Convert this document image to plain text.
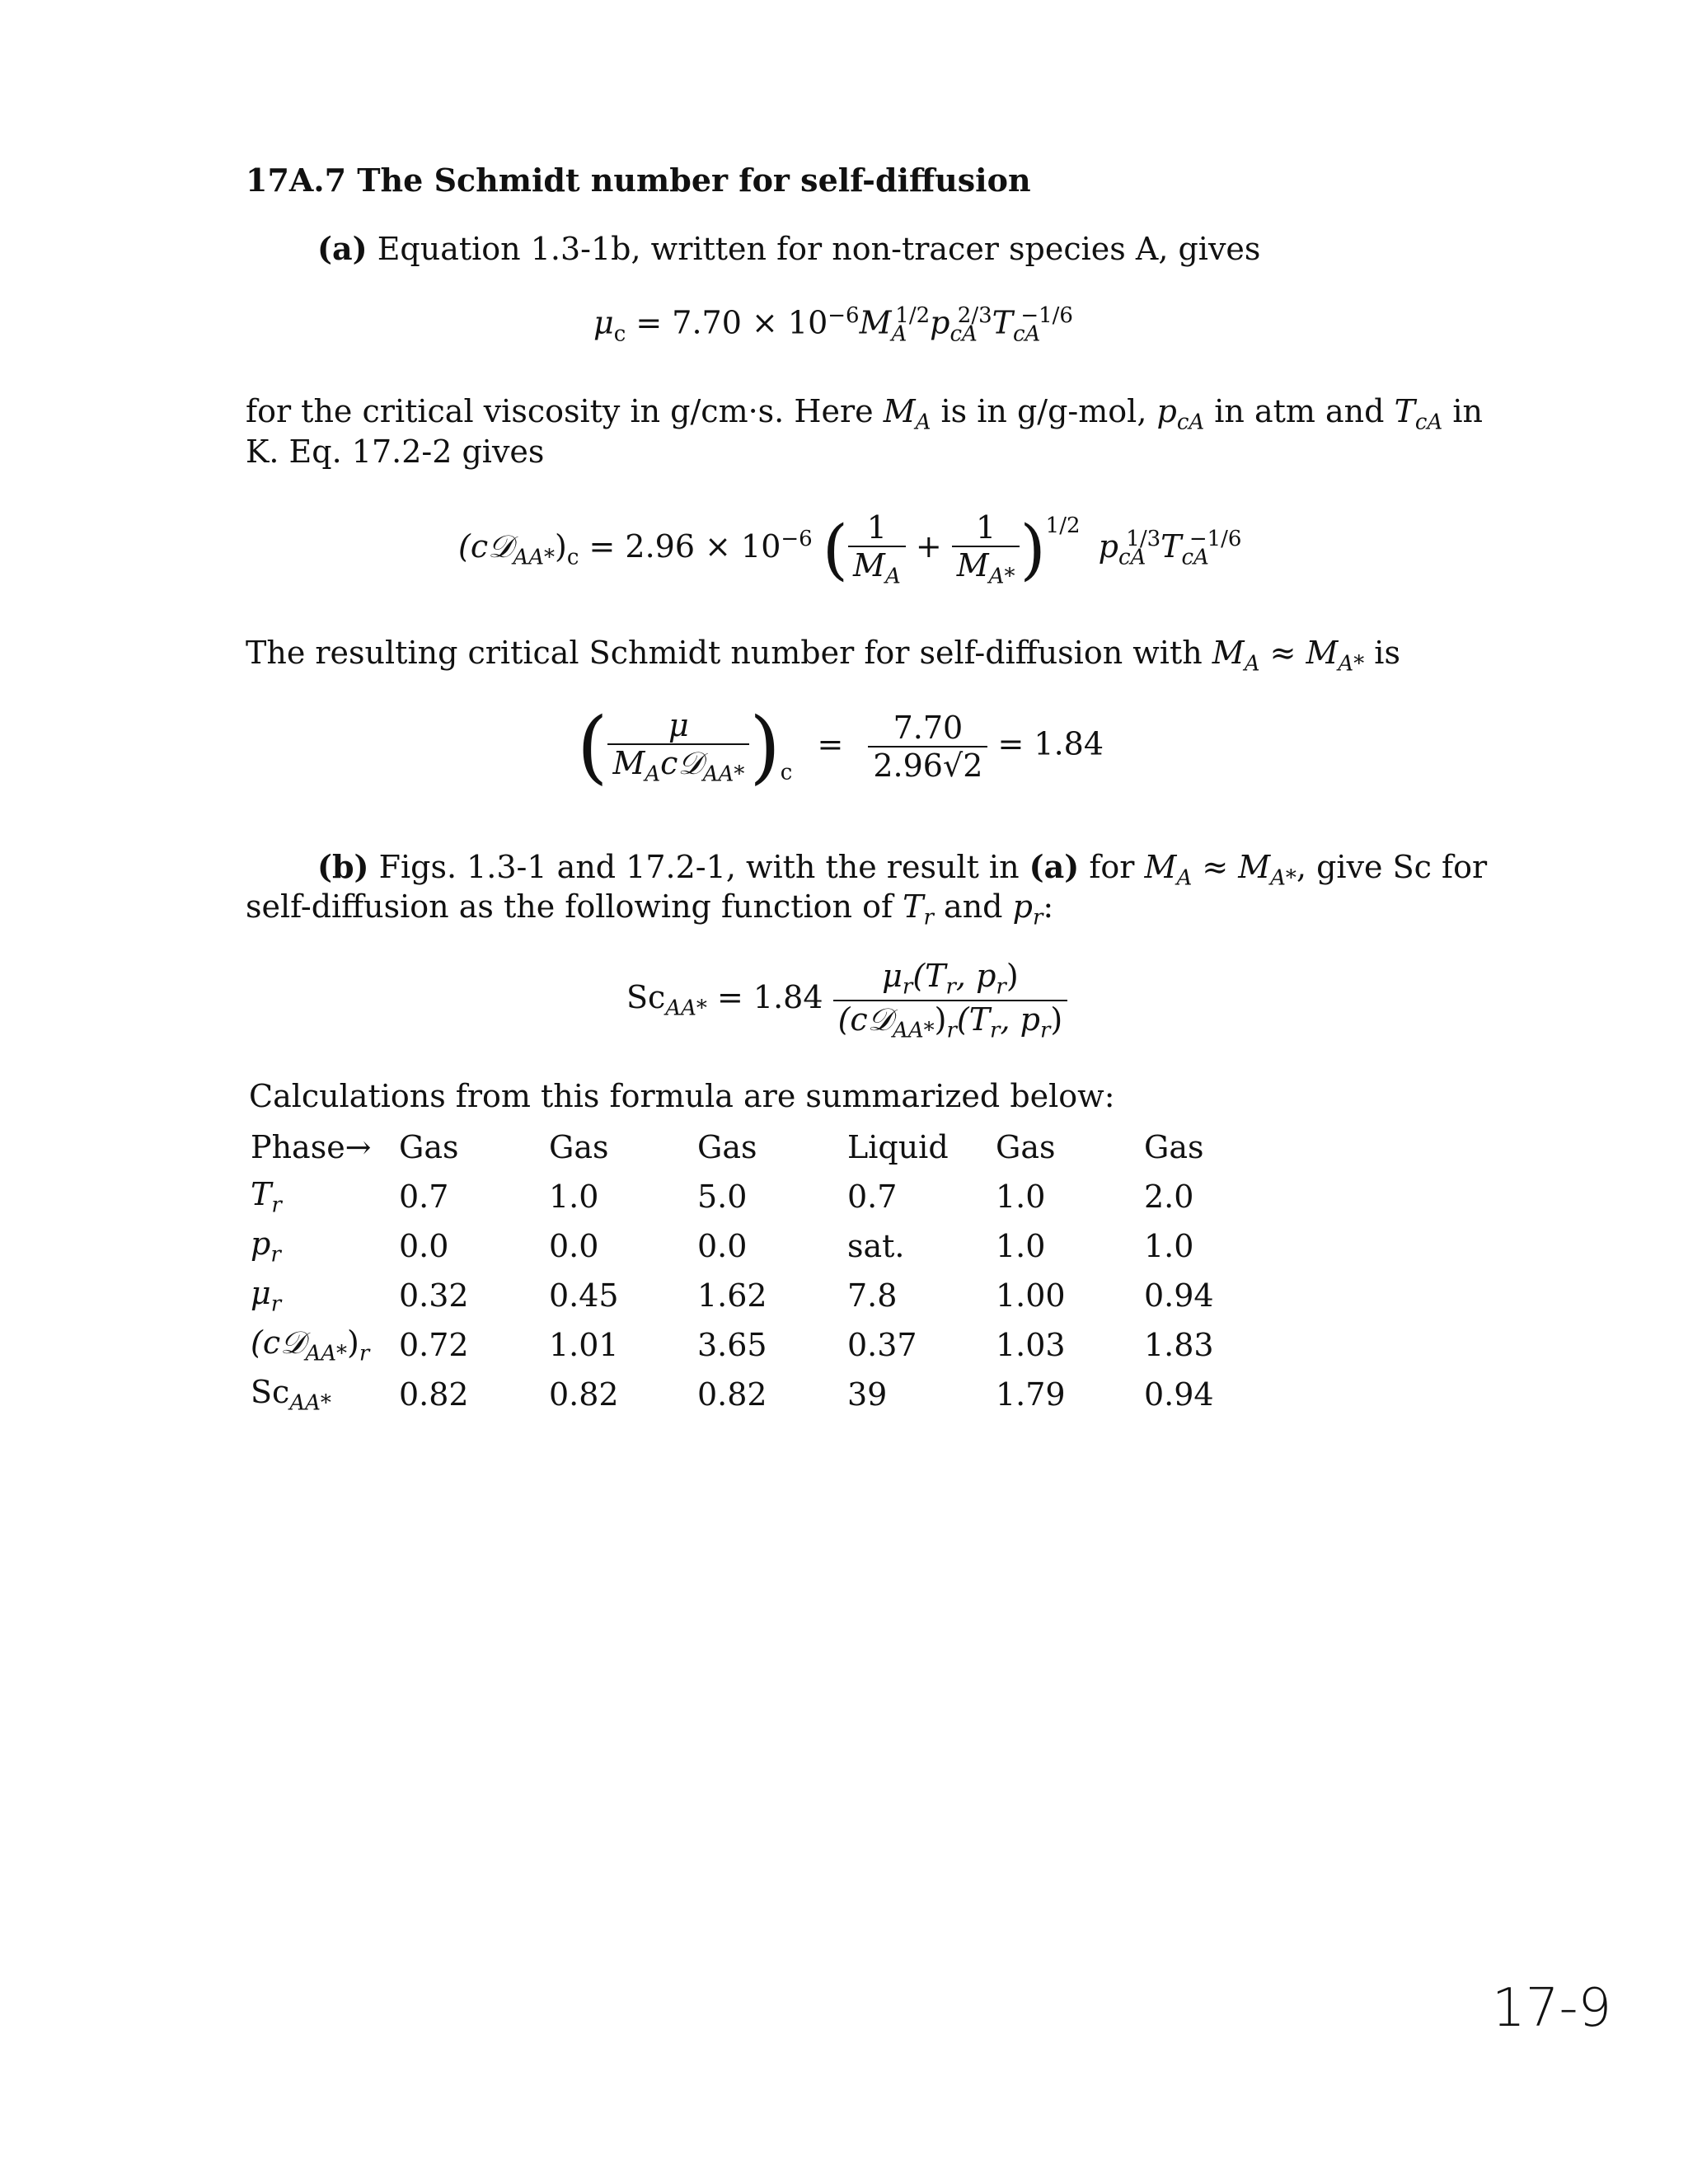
17A.7 The Schmidt number for self-diffusion
(a) Equation 1.3-1b, written for non-tracer species A, gives
$\mu_c = 7.70 \times 10^{-6}M_A^{1/2}p_{cA}^{2/3}T_{cA}^{-1/6}$
for the critical viscosity in g/cm·s. Here $M_A$ is in g/g-mol, $p_{cA}$ in atm and $T_{cA}$ in
K. Eq. 17.2-2 gives
$(c𝒟_{AA*})_c = 2.96 \times 10^{-6}$ ( $\frac{1}{M_A} + \frac{1}{M_{A*}} )^{1/2}$ $p_{cA}^{1/3}T_{cA}^{-1/6}$
The resulting critical Schmidt number for self-diffusion with $M_A \approx M_{A*}$ is
( $\frac{\mu}{M_Ac𝒟_{AA*}} )_c = \frac{7.70}{2.96√2} = 1.84$
(b) Figs. 1.3-1 and 17.2-1, with the result in (a) for $M_A \approx M_{A*}$, give Sc for
self-diffusion as the following function of $T_r$ and $p_r$:
$Sc_{AA*} = 1.84 \frac{\mu_r(T_r, p_r)}{(c𝒟_{AA*})_r(T_r, p_r)}$
Calculations from this formula are summarized below:
Phase→	Gas	Gas	Gas	Liquid	Gas	Gas
$T_r$	0.7	1.0	5.0	0.7	1.0	2.0
$p_r$	0.0	0.0	0.0	sat.	1.0	1.0
$\mu_r$	0.32	0.45	1.62	7.8	1.00	0.94
$(c𝒟_{AA*})_r$	0.72	1.01	3.65	0.37	1.03	1.83
$Sc_{AA*}$	0.82	0.82	0.82	39	1.79	0.94
17-9
